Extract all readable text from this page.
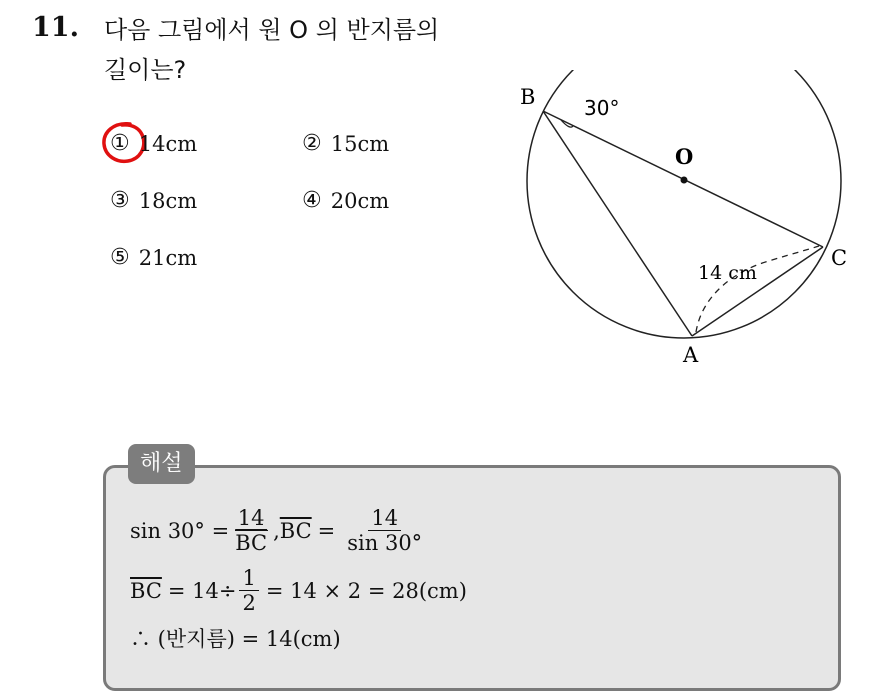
11. 다음 그림에서 원 O 의 반지름의
길이는?
① 14cm	② 15cm
③ 18cm	④ 20cm
⑤ 21cm
B
O
C
A
30°
14 cm
해설
$\sin 30^\circ = \frac{14}{BC}$ , $\overline{BC} = \frac{14}{\sin 30^\circ}$
$\overline{BC} = 14\div \frac{1}{2} = 14 \times 2 = 28(cm)$
∴ (반지름) = 14(cm)
